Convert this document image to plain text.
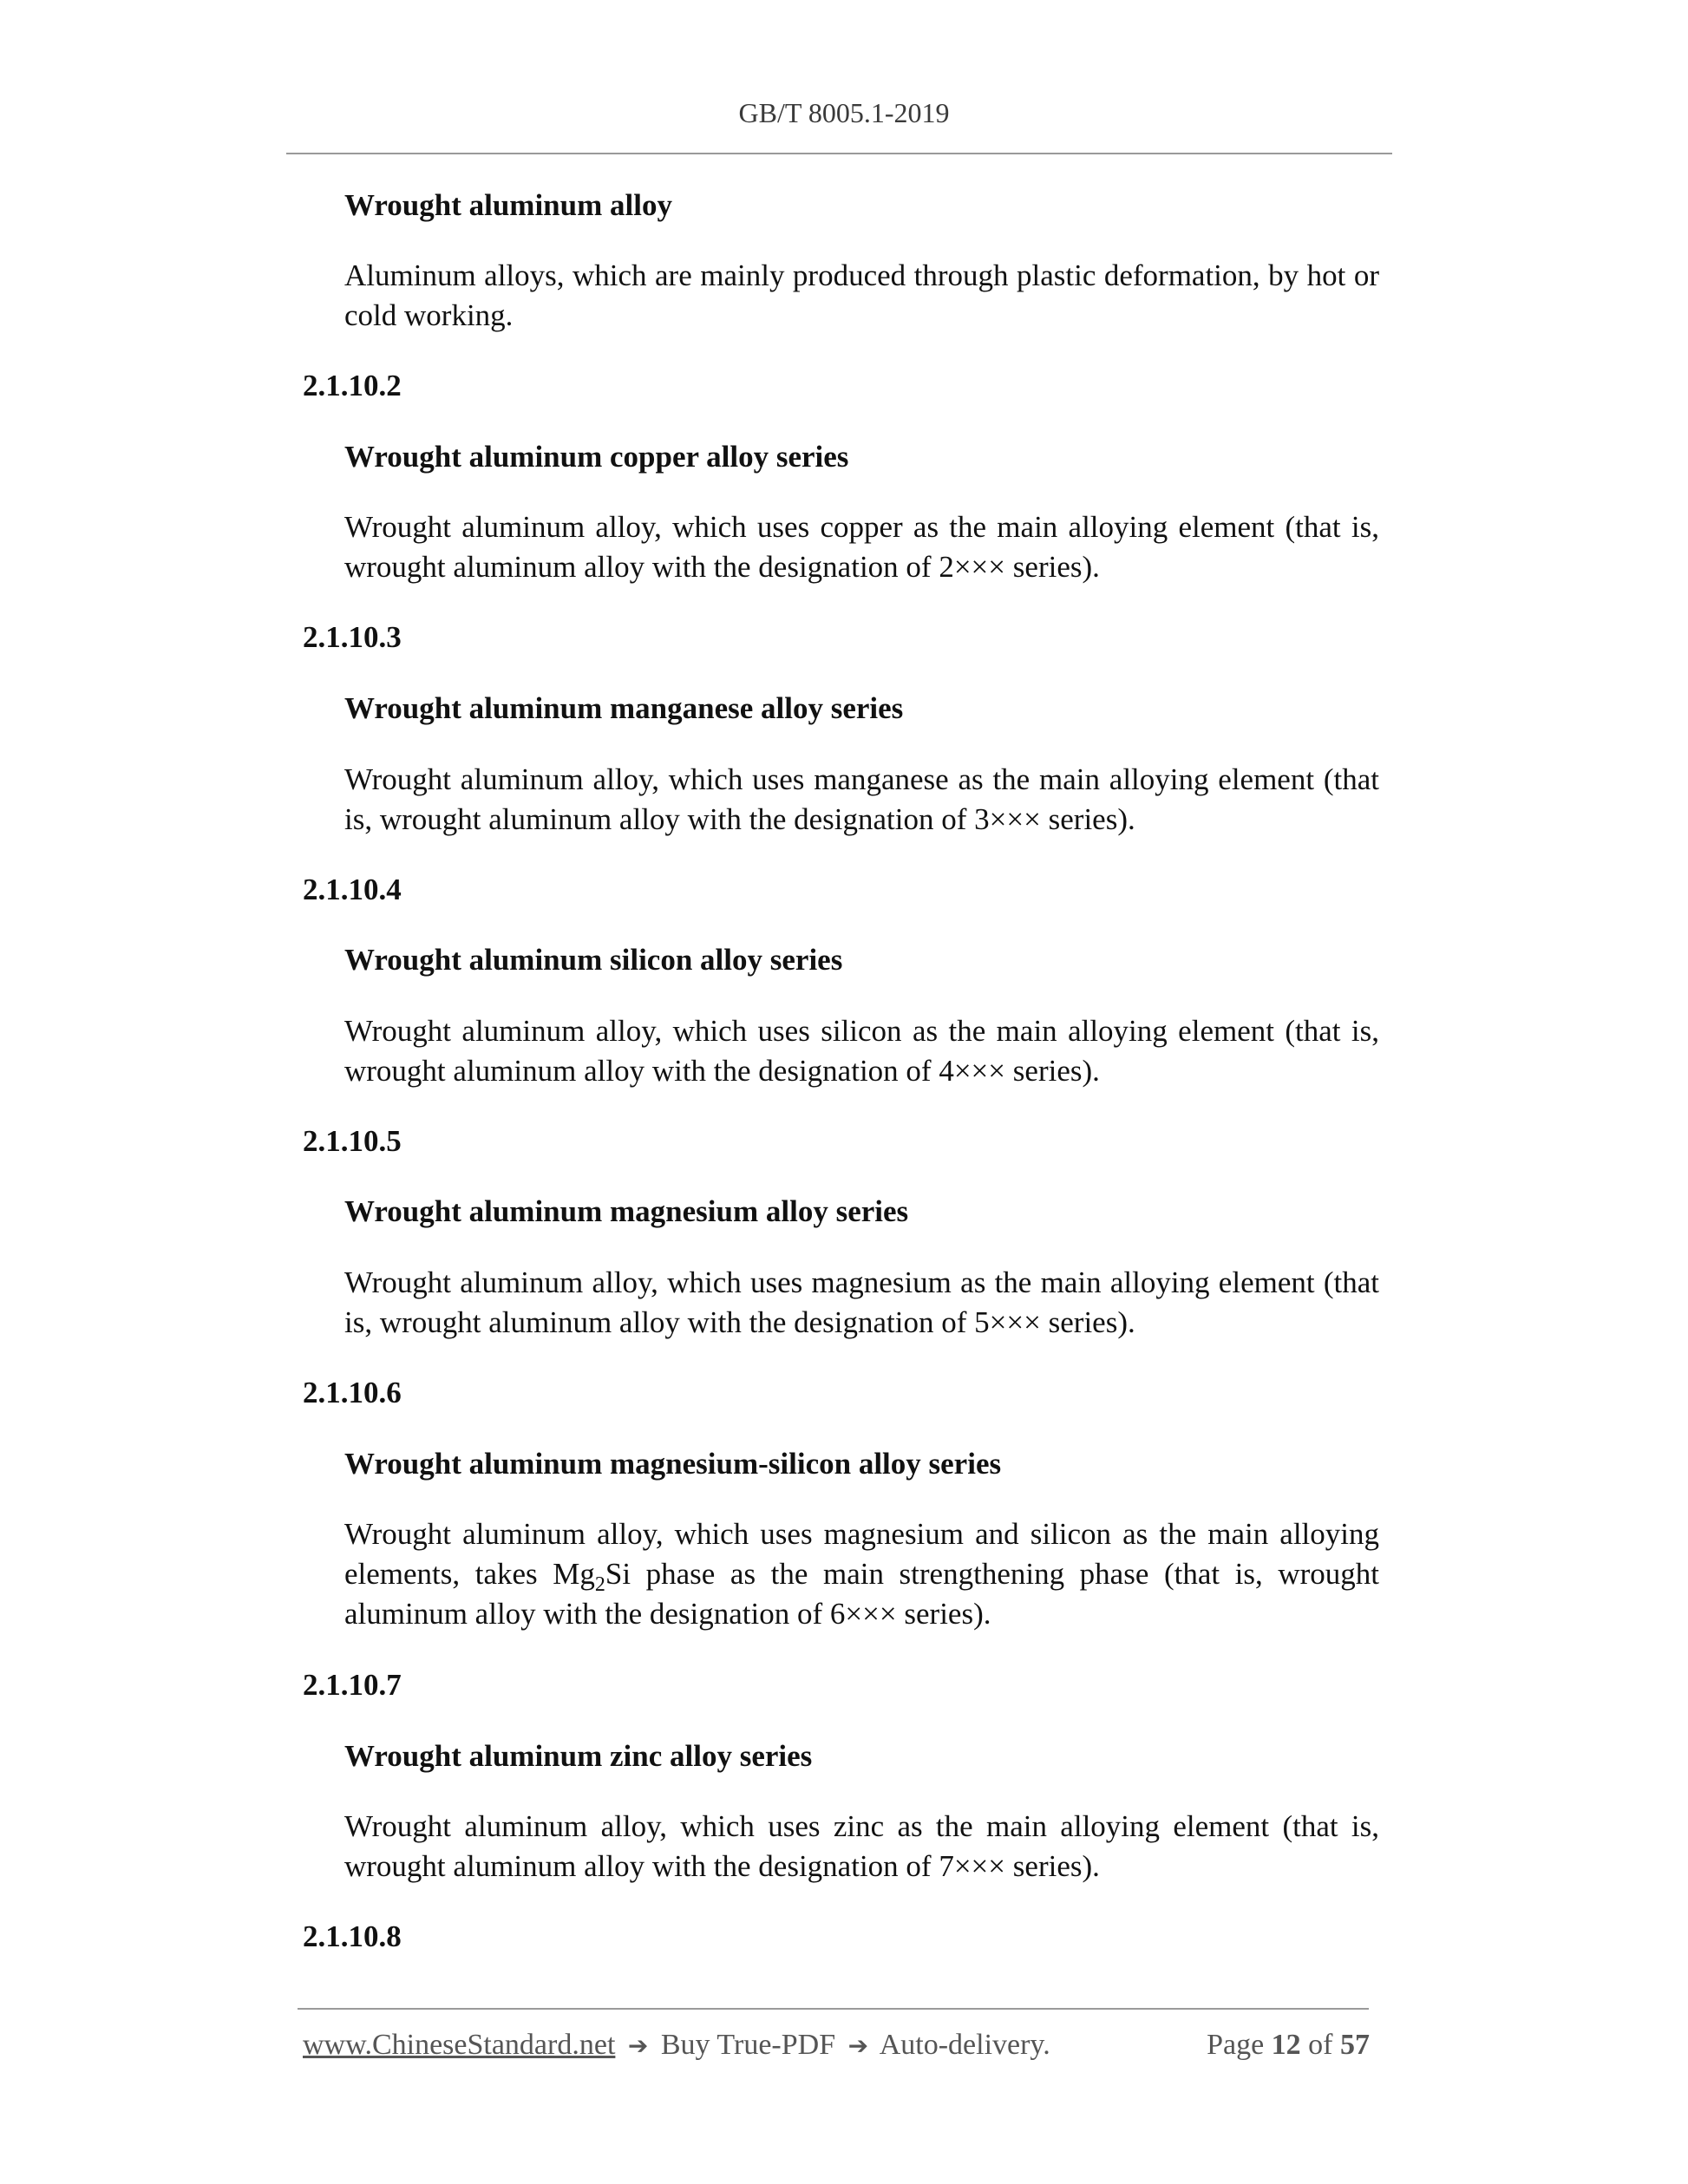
GB/T 8005.1-2019
Wrought aluminum alloy
Aluminum alloys, which are mainly produced through plastic deformation, by hot or cold working.
2.1.10.2
Wrought aluminum copper alloy series
Wrought aluminum alloy, which uses copper as the main alloying element (that is, wrought aluminum alloy with the designation of 2××× series).
2.1.10.3
Wrought aluminum manganese alloy series
Wrought aluminum alloy, which uses manganese as the main alloying element (that is, wrought aluminum alloy with the designation of 3××× series).
2.1.10.4
Wrought aluminum silicon alloy series
Wrought aluminum alloy, which uses silicon as the main alloying element (that is, wrought aluminum alloy with the designation of 4××× series).
2.1.10.5
Wrought aluminum magnesium alloy series
Wrought aluminum alloy, which uses magnesium as the main alloying element (that is, wrought aluminum alloy with the designation of 5××× series).
2.1.10.6
Wrought aluminum magnesium-silicon alloy series
Wrought aluminum alloy, which uses magnesium and silicon as the main alloying elements, takes $Mg_2Si$ phase as the main strengthening phase (that is, wrought aluminum alloy with the designation of 6××× series).
2.1.10.7
Wrought aluminum zinc alloy series
Wrought aluminum alloy, which uses zinc as the main alloying element (that is, wrought aluminum alloy with the designation of 7××× series).
2.1.10.8
www.ChineseStandard.net ➔ Buy True-PDF ➔ Auto-delivery.	Page 12 of 57
